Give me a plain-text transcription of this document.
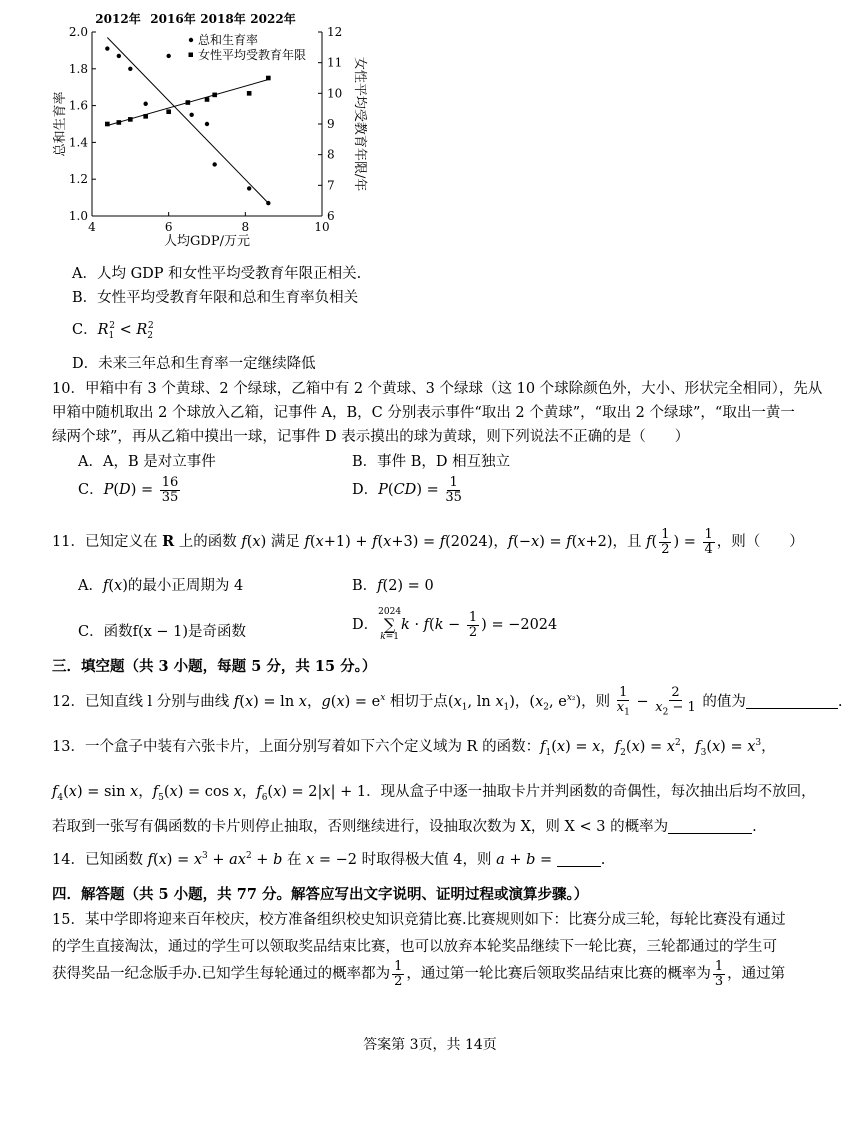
2012年 2016年 2018年 2022年
4	6	8	10
1.0
1.2
1.4
1.6
1.8
2.0
6
7
8
9
10
11
12
总和生育率
女性平均受教育年限
人均GDP/万元
总和生育率	女性平均受教育年限/年
A．人均 GDP 和女性平均受教育年限正相关.
B．女性平均受教育年限和总和生育率负相关
C．$R_1^2 < R_2^2$
D．未来三年总和生育率一定继续降低
10．甲箱中有 3 个黄球、2 个绿球，乙箱中有 2 个黄球、3 个绿球（这 10 个球除颜色外，大小、形状完全相同），先从
甲箱中随机取出 2 个球放入乙箱，记事件 A，B，C 分别表示事件“取出 2 个黄球”，“取出 2 个绿球”，“取出一黄一
绿两个球”，再从乙箱中摸出一球，记事件 D 表示摸出的球为黄球，则下列说法不正确的是（　　）
A．A，B 是对立事件	B．事件 B，D 相互独立
C．$P(D) = \frac{16}{35}$	D．$P(CD) = \frac{1}{35}$
11．已知定义在 R 上的函数 f(x) 满足 f(x+1) + f(x+3) = f(2024)，f(−x) = f(x+2)，且 $f( \frac{1}{2}$ ) = $\frac{1}{4}$ ，则（　　）
A．f(x)的最小正周期为 4	B．f(2) = 0
C．函数f(x − 1)是奇函数	D．
2024
∑
k=1
$k \cdot f(k - \frac{1}{2}$ ) = −2024
三．填空题（共 3 小题，每题 5 分，共 15 分。）
12．已知直线 l 分别与曲线 f(x) = ln x，$g(x) = e^x$ 相切于点($x_1$, $\ln x_1$)，($x_2$, $e^{x_2}$)，则 $\frac{1}{x_1} - \frac{2}{x_2 - 1}$ 的值为	.
13．一个盒子中装有六张卡片，上面分别写着如下六个定义域为 R 的函数：$f_1(x) = x$，$f_2(x) = x^2$，$f_3(x) = x^3$，
$f_4(x) = \sin x$，$f_5(x) = \cos x$，$f_6(x) = 2|x| + 1$．现从盒子中逐一抽取卡片并判函数的奇偶性，每次抽出后均不放回，
若取到一张写有偶函数的卡片则停止抽取，否则继续进行，设抽取次数为 X，则 X < 3 的概率为	.
14．已知函数 $f(x) = x^3 + ax^2 + b$ 在 x = −2 时取得极大值 4，则 a + b =	.
四．解答题（共 5 小题，共 77 分。解答应写出文字说明、证明过程或演算步骤。）
15．某中学即将迎来百年校庆，校方准备组织校史知识竞猜比赛.比赛规则如下：比赛分成三轮，每轮比赛没有通过
的学生直接淘汰，通过的学生可以领取奖品结束比赛，也可以放弃本轮奖品继续下一轮比赛，三轮都通过的学生可
获得奖品一纪念版手办.已知学生每轮通过的概率都为 $\frac{1}{2}$ ，通过第一轮比赛后领取奖品结束比赛的概率为 $\frac{1}{3}$ ，通过第
答案第 3页，共 14页
